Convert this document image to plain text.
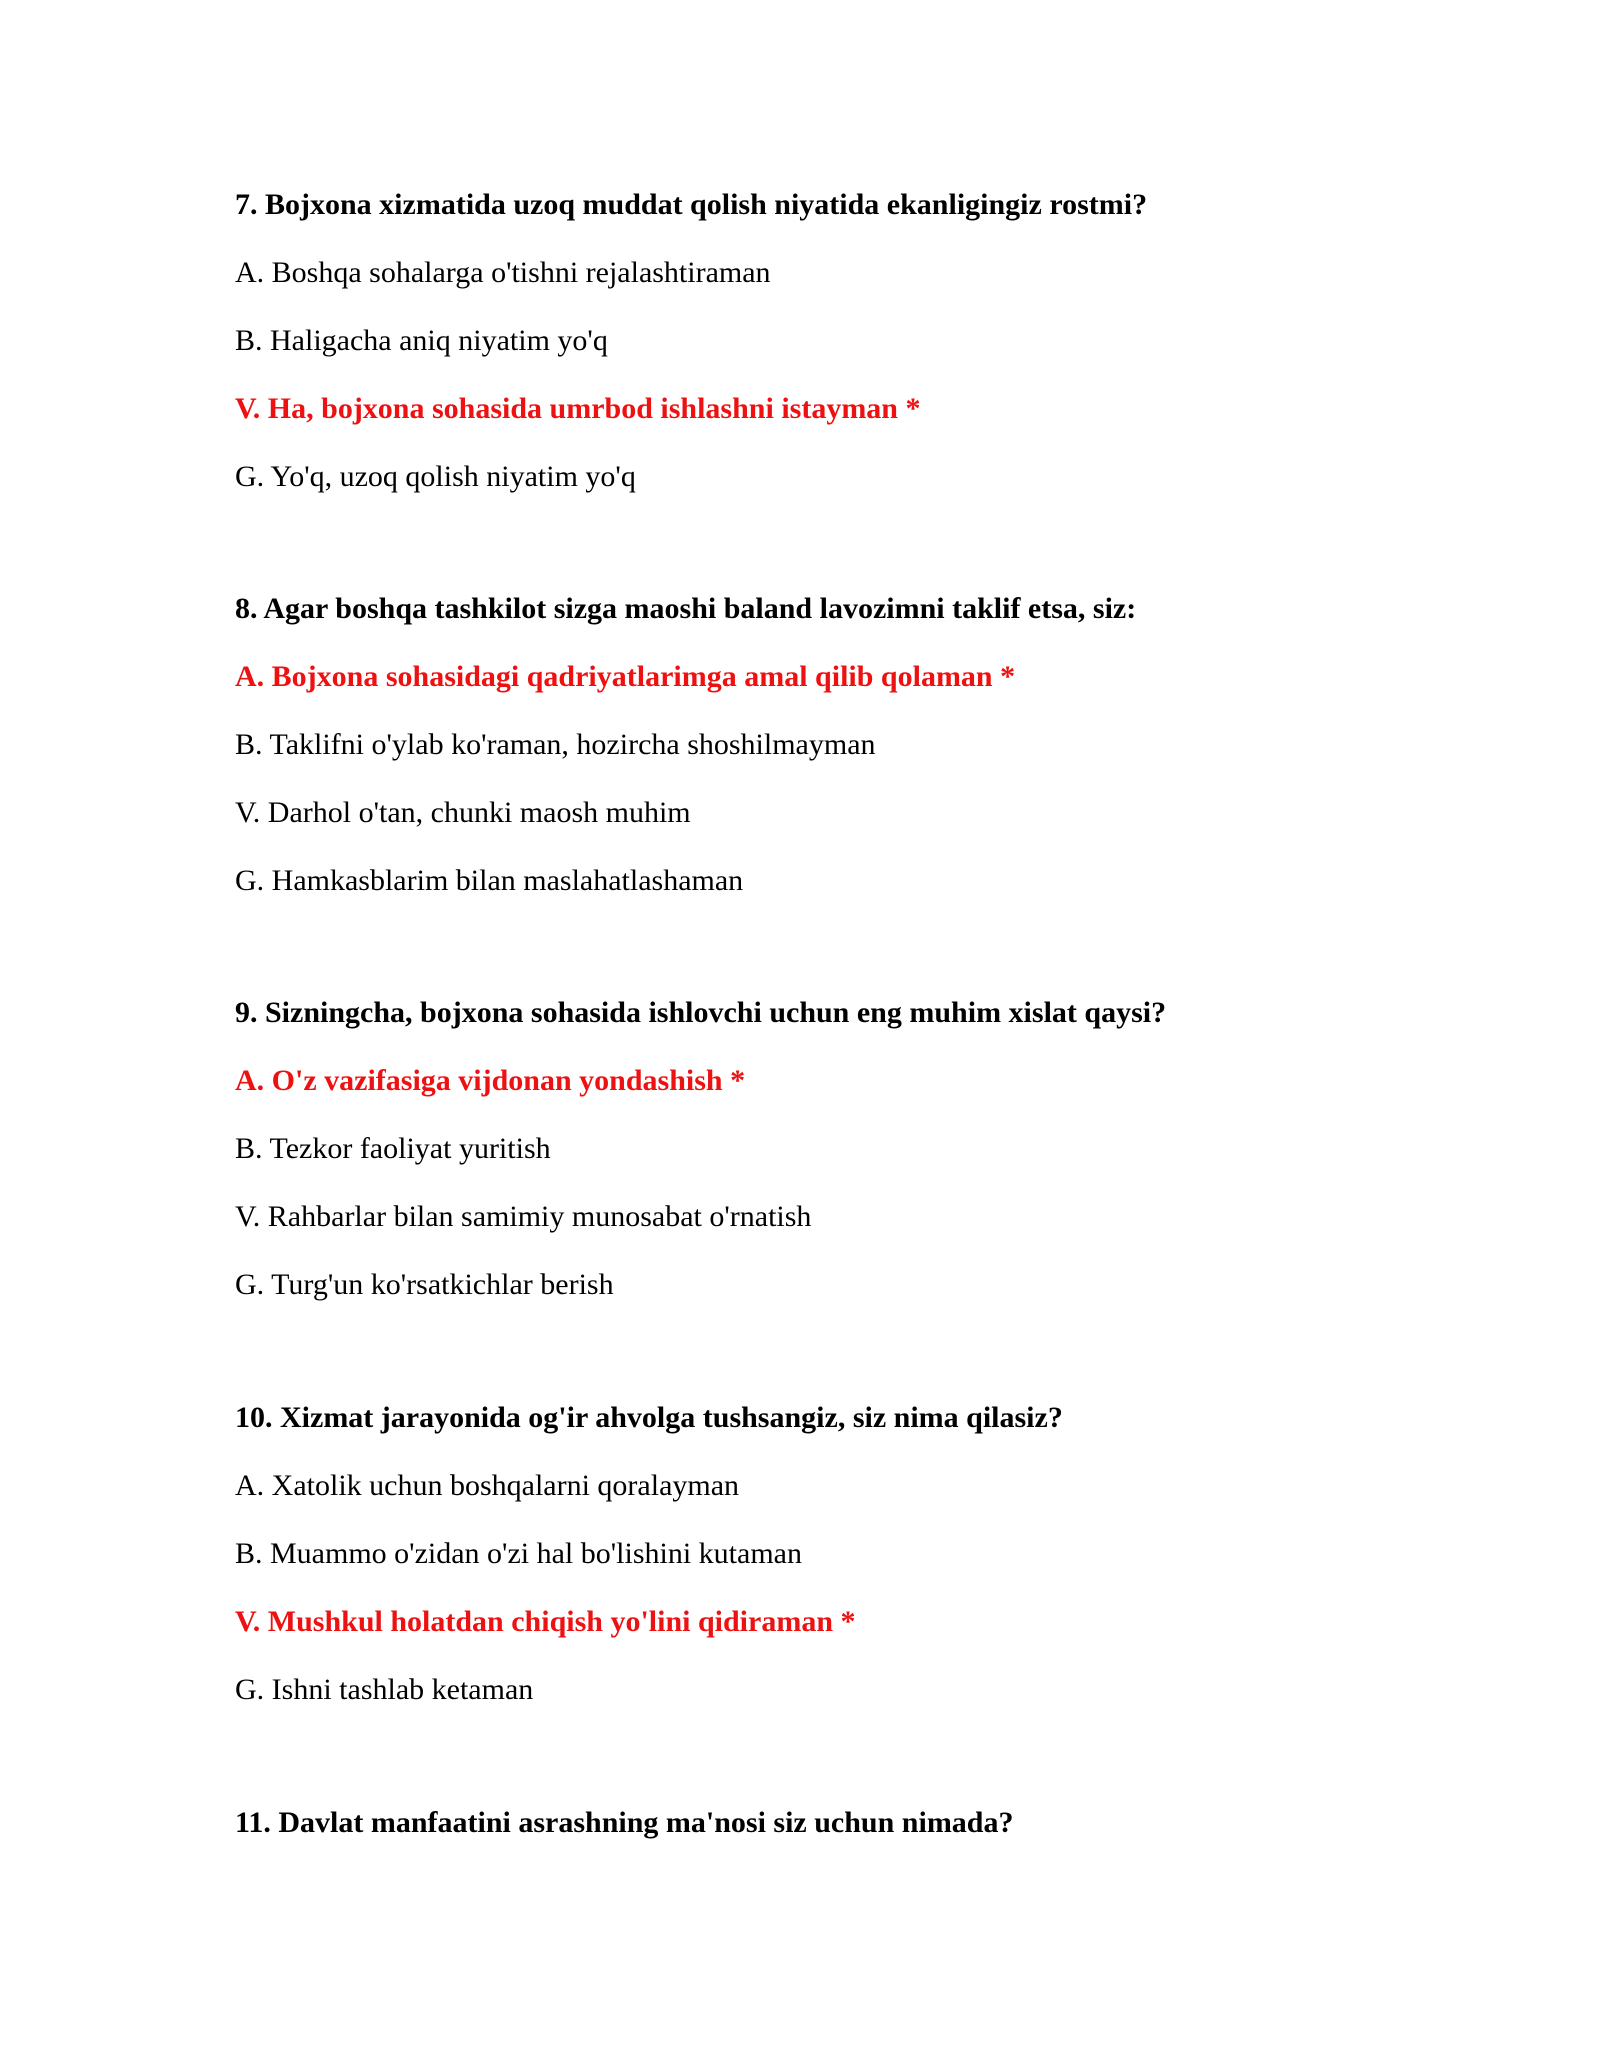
7. Bojxona xizmatida uzoq muddat qolish niyatida ekanligingiz rostmi?
A. Boshqa sohalarga o'tishni rejalashtiraman
B. Haligacha aniq niyatim yo'q
V. Ha, bojxona sohasida umrbod ishlashni istayman *
G. Yo'q, uzoq qolish niyatim yo'q
8. Agar boshqa tashkilot sizga maoshi baland lavozimni taklif etsa, siz:
A. Bojxona sohasidagi qadriyatlarimga amal qilib qolaman *
B. Taklifni o'ylab ko'raman, hozircha shoshilmayman
V. Darhol o'tan, chunki maosh muhim
G. Hamkasblarim bilan maslahatlashaman
9. Sizningcha, bojxona sohasida ishlovchi uchun eng muhim xislat qaysi?
A. O'z vazifasiga vijdonan yondashish *
B. Tezkor faoliyat yuritish
V. Rahbarlar bilan samimiy munosabat o'rnatish
G. Turg'un ko'rsatkichlar berish
10. Xizmat jarayonida og'ir ahvolga tushsangiz, siz nima qilasiz?
A. Xatolik uchun boshqalarni qoralayman
B. Muammo o'zidan o'zi hal bo'lishini kutaman
V. Mushkul holatdan chiqish yo'lini qidiraman *
G. Ishni tashlab ketaman
11. Davlat manfaatini asrashning ma'nosi siz uchun nimada?
